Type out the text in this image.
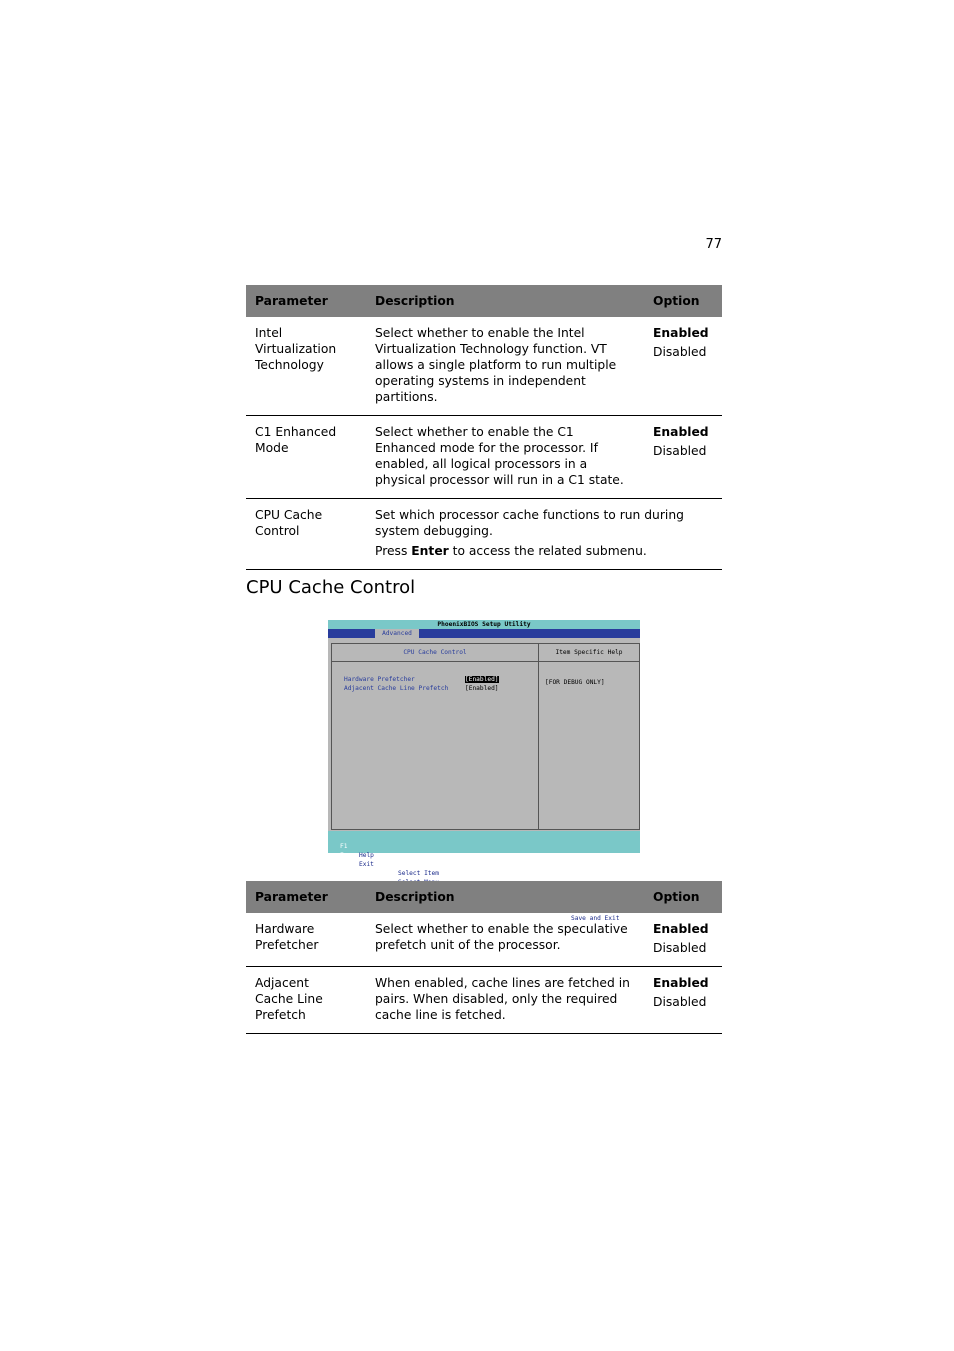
77
Parameter	Description	Option
Intel Virtualization Technology	Select whether to enable the Intel Virtualization Technology function. VT allows a single platform to run multiple operating systems in independent partitions.	Enabled
Disabled

C1 Enhanced Mode	Select whether to enable the C1 Enhanced mode for the processor. If enabled, all logical processors in a physical processor will run in a C1 state.	Enabled
Disabled

CPU Cache Control	Set which processor cache functions to run during system debugging.
Press Enter to access the related submenu.	
CPU Cache Control
PhoenixBIOS Setup Utility
Advanced
CPU Cache Control
Hardware Prefetcher	[Enabled]
Adjacent Cache Line Prefetch	[Enabled]
Item Specific Help
[FOR DEBUG ONLY]

F1

Help

↑↓

Select Item

Esc

Exit

←→

Save and Exit

Parameter	Description	Option
Hardware Prefetcher	Select whether to enable the speculative prefetch unit of the processor.	Enabled
Disabled

Adjacent Cache Line Prefetch	When enabled, cache lines are fetched in pairs. When disabled, only the required cache line is fetched.	Enabled
Disabled
